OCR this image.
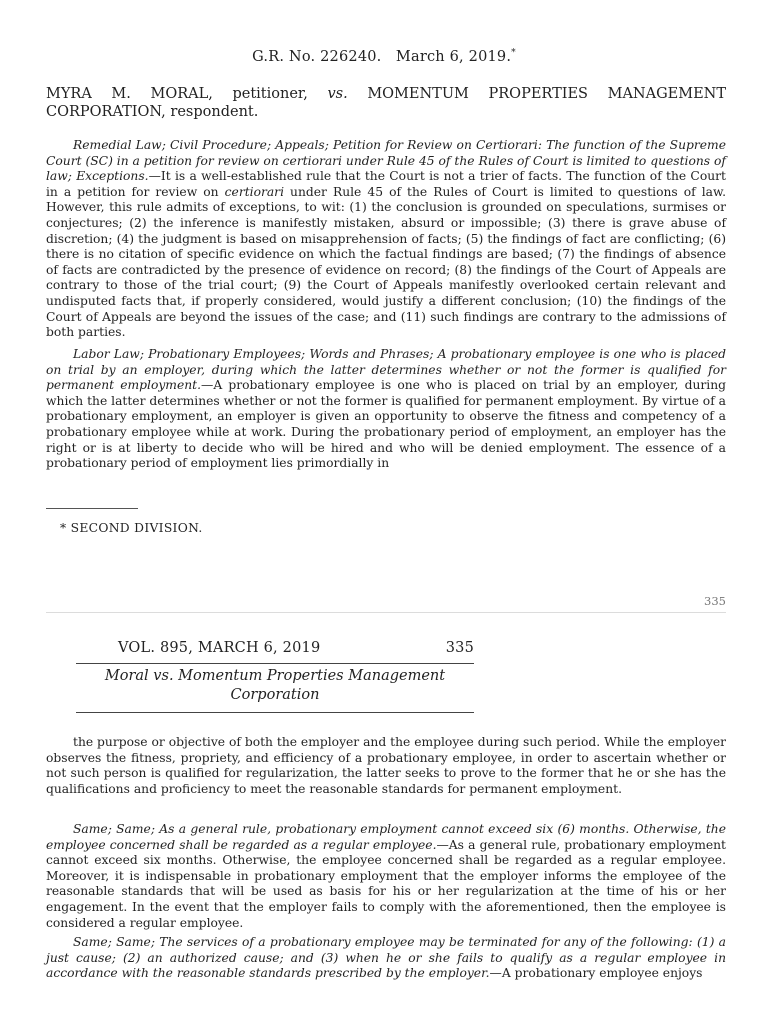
G.R. No. 226240. March 6, 2019.*
MYRA M. MORAL, petitioner, vs. MOMENTUM PROPERTIES MANAGEMENT CORPORATION, respondent.

Remedial Law; Civil Procedure; Appeals; Petition for Review on Certiorari: The function of the Supreme Court (SC) in a petition for review on certiorari under Rule 45 of the Rules of Court is limited to questions of law; Exceptions.—It is a well-established rule that the Court is not a trier of facts. The function of the Court in a petition for review on certiorari under Rule 45 of the Rules of Court is limited to questions of law. However, this rule admits of exceptions, to wit: (1) the conclusion is grounded on speculations, surmises or conjectures; (2) the inference is manifestly mistaken, absurd or impossible; (3) there is grave abuse of discretion; (4) the judgment is based on misapprehension of facts; (5) the findings of fact are conflicting; (6) there is no citation of specific evidence on which the factual findings are based; (7) the findings of absence of facts are contradicted by the presence of evidence on record; (8) the findings of the Court of Appeals are contrary to those of the trial court; (9) the Court of Appeals manifestly overlooked certain relevant and undisputed facts that, if properly considered, would justify a different conclusion; (10) the findings of the Court of Appeals are beyond the issues of the case; and (11) such findings are contrary to the admissions of both parties.

Labor Law; Probationary Employees; Words and Phrases; A probationary employee is one who is placed on trial by an employer, during which the latter determines whether or not the former is qualified for permanent employment.—A probationary employee is one who is placed on trial by an employer, during which the latter determines whether or not the former is qualified for permanent employment. By virtue of a probationary employment, an employer is given an opportunity to observe the fitness and competency of a probationary employee while at work. During the probationary period of employment, an employer has the right or is at liberty to decide who will be hired and who will be denied employment. The essence of a probationary period of employment lies primordially in

* SECOND DIVISION.
335
VOL. 895, MARCH 6, 2019	335
Moral vs. Momentum Properties Management
Corporation

the purpose or objective of both the employer and the employee during such period. While the employer observes the fitness, propriety, and efficiency of a probationary employee, in order to ascertain whether or not such person is qualified for regularization, the latter seeks to prove to the former that he or she has the qualifications and proficiency to meet the reasonable standards for permanent employment.

Same; Same; As a general rule, probationary employment cannot exceed six (6) months. Otherwise, the employee concerned shall be regarded as a regular employee.—As a general rule, probationary employment cannot exceed six months. Otherwise, the employee concerned shall be regarded as a regular employee. Moreover, it is indispensable in probationary employment that the employer informs the employee of the reasonable standards that will be used as basis for his or her regularization at the time of his or her engagement. In the event that the employer fails to comply with the aforementioned, then the employee is considered a regular employee.

Same; Same; The services of a probationary employee may be terminated for any of the following: (1) a just cause; (2) an authorized cause; and (3) when he or she fails to qualify as a regular employee in accordance with the reasonable standards prescribed by the employer.—A probationary employee enjoys
